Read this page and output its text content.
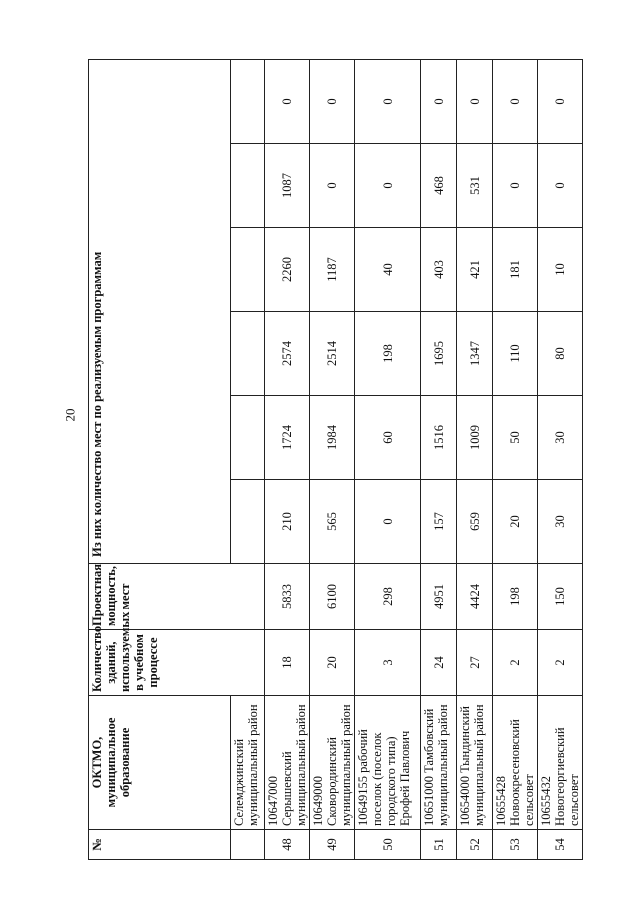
20
№	ОКТМО, муниципальное образование	Количество зданий, используемых в учебном процессе	Проектная мощность, мест	Из них количество мест по реализуемым программам					
	Селемджинский муниципальный район								
48	10647000 Серышевский муниципальный район	18	5833	210	1724	2574	2260	1087	0
49	10649000 Сковородинский муниципальный район	20	6100	565	1984	2514	1187	0	0
50	10649155 рабочий поселок (поселок городского типа) Ерофей Павлович	3	298	0	60	198	40	0	0
51	10651000 Тамбовский муниципальный район	24	4951	157	1516	1695	403	468	0
52	10654000 Тындинский муниципальный район	27	4424	659	1009	1347	421	531	0
53	10655428 Новоокресеновский сельсовет	2	198	20	50	110	181	0	0
54	10655432 Новогеоргиевский сельсовет	2	150	30	30	80	10	0	0
